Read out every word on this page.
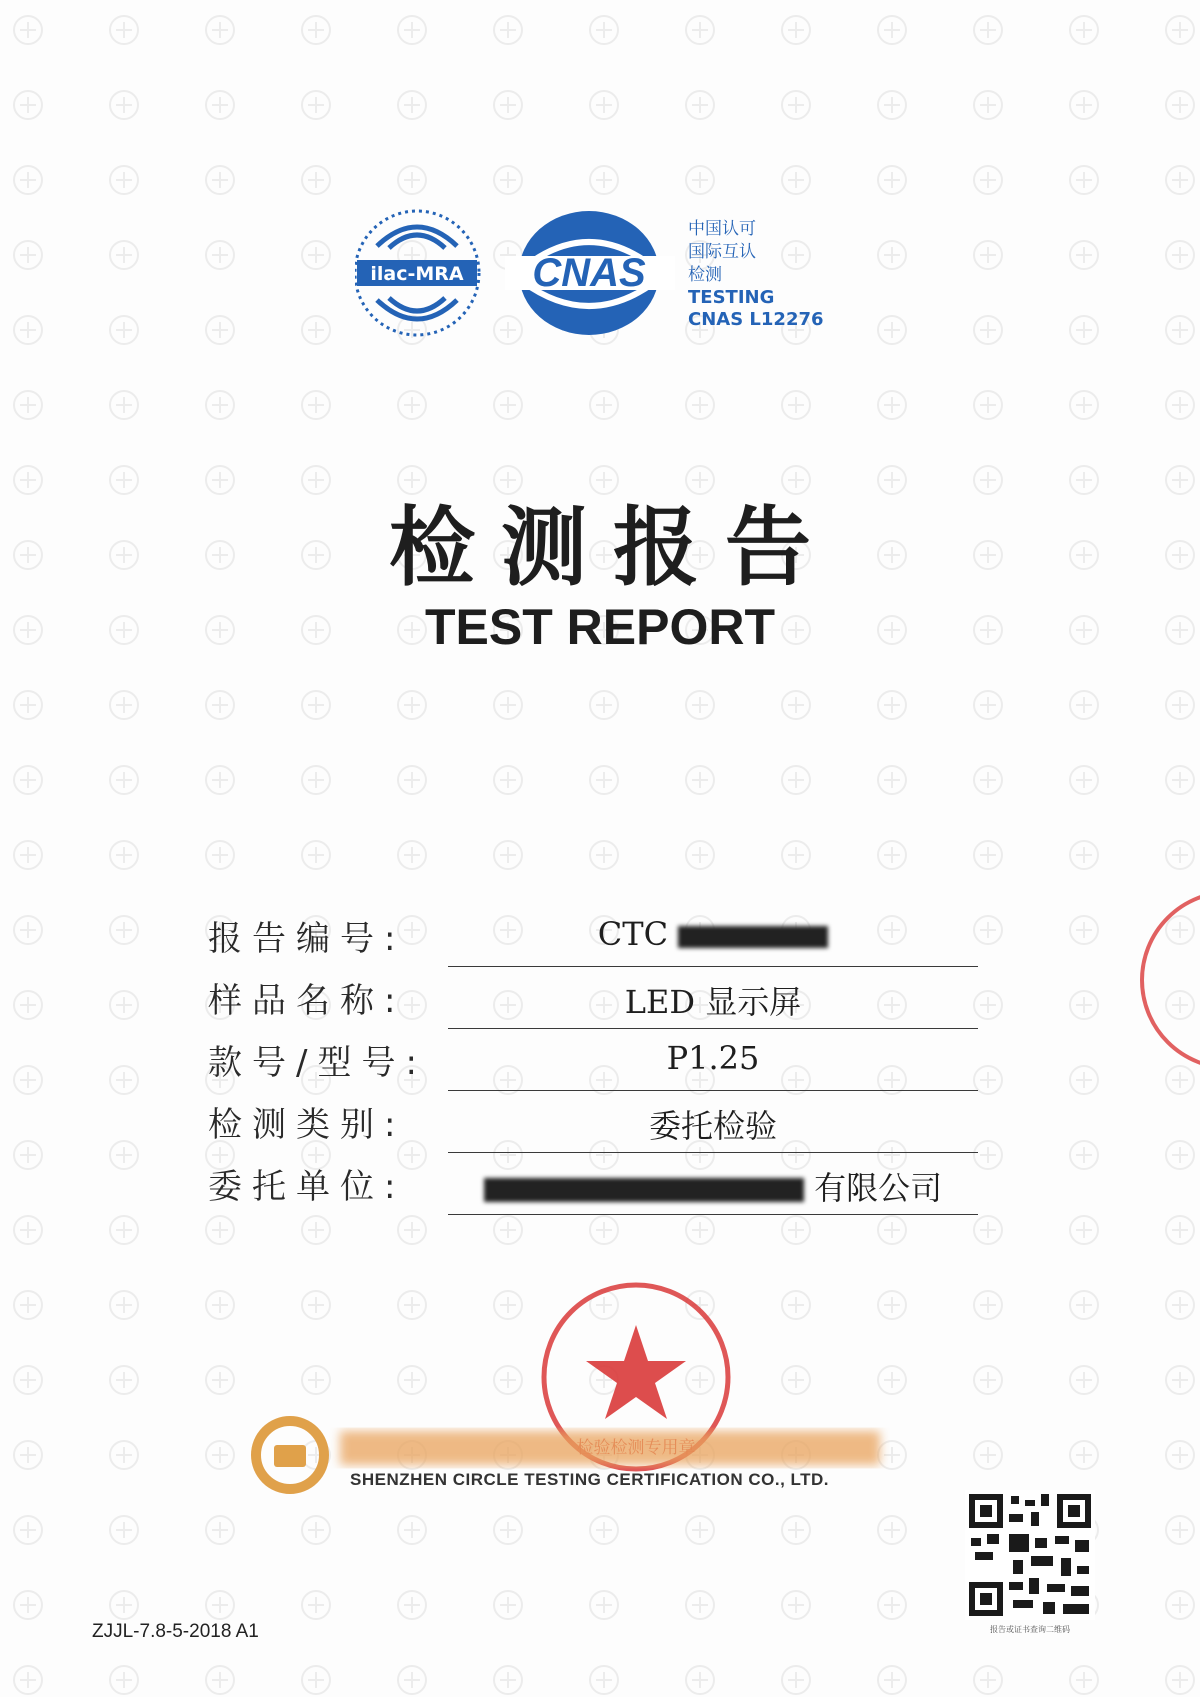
ilac-MRA CNAS
中国认可
国际互认
检测
TESTING
CNAS L12276
检测报告
TEST REPORT
报告编号:	CTC
样品名称:	LED 显示屏
款号/型号:	P1.25
检测类别:	委托检验
委托单位:	有限公司
SHENZHEN CIRCLE TESTING CERTIFICATION CO., LTD.
报告或证书查询二维码
ZJJL-7.8-5-2018 A1
